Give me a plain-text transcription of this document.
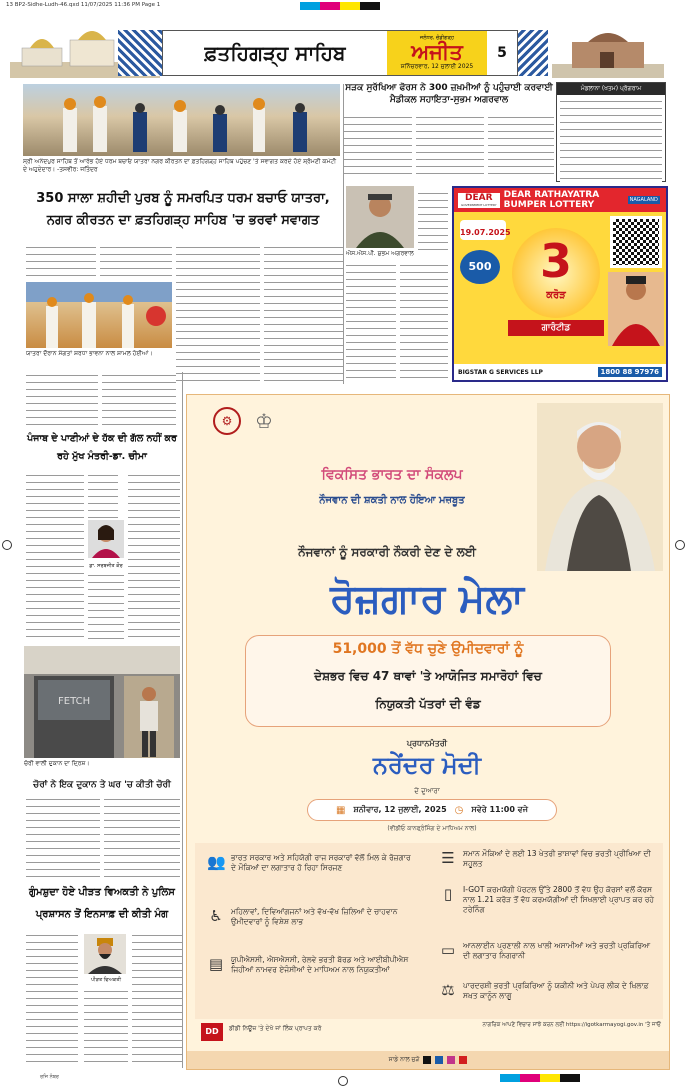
13 BP2-Sidhe-Ludh-46.qxd 11/07/2025 11:36 PM Page 1
ਫ਼ਤਹਿਗੜ੍ਹ ਸਾਹਿਬ
ਜਲੰਧਰ, ਚੰਡੀਗੜ੍ਹ
ਅਜੀਤ
ਸ਼ਨਿੱਚਰਵਾਰ, 12 ਜੁਲਾਈ 2025
5
ਸ੍ਰੀ ਅਨੰਦਪੁਰ ਸਾਹਿਬ ਤੋਂ ਆਰੰਭ ਹੋਏ ਧਰਮ ਬਚਾਓ ਯਾਤਰਾ ਨਗਰ ਕੀਰਤਨ ਦਾ ਫ਼ਤਹਿਗੜ੍ਹ ਸਾਹਿਬ ਪਹੁੰਚਣ 'ਤੇ ਸਵਾਗਤ ਕਰਦੇ ਹੋਏ ਸ਼੍ਰੋਮਣੀ ਕਮੇਟੀ ਦੇ ਅਹੁਦੇਦਾਰ। -ਤਸਵੀਰ: ਜਤਿੰਦਰ
ਸੜਕ ਸੁਰੱਖਿਆ ਫੋਰਸ ਨੇ 300 ਜ਼ਖ਼ਮੀਆਂ ਨੂੰ ਪਹੁੰਚਾਈ ਕਰਵਾਈ ਮੈਡੀਕਲ ਸਹਾਇਤਾ-ਸੁਭਮ ਅਗਰਵਾਲ
ਮੰਡਲਾਨਾ (ਖਤਮ) ਪ੍ਰੋਗਰਾਮ
350 ਸਾਲਾ ਸ਼ਹੀਦੀ ਪੁਰਬ ਨੂੰ ਸਮਰਪਿਤ ਧਰਮ ਬਚਾਓ ਯਾਤਰਾ, ਨਗਰ ਕੀਰਤਨ ਦਾ ਫ਼ਤਹਿਗੜ੍ਹ ਸਾਹਿਬ 'ਚ ਭਰਵਾਂ ਸਵਾਗਤ
ਐਸ.ਐਸ.ਪੀ. ਸ਼ੁਭਮ ਅਗਰਵਾਲ
DEAR
GOVERNMENT LOTTERY
DEAR RATHAYATRA BUMPER LOTTERY	NAGALAND
19.07.2025
500	3
ਕਰੋੜ
ਗਾਰੰਟੀਡ
BIGSTAR G SERVICES LLP	1800 88 97976
ਯਾਤਰਾ ਦੌਰਾਨ ਸੰਗਤਾਂ ਸ਼ਰਧਾ ਭਾਵਨਾ ਨਾਲ ਸ਼ਾਮਲ ਹੋਈਆਂ।
ਪੰਜਾਬ ਦੇ ਪਾਣੀਆਂ ਦੇ ਹੱਕ ਦੀ ਗੱਲ ਨਹੀਂ ਕਰ ਰਹੇ ਮੁੱਖ ਮੰਤਰੀ-ਡਾ. ਚੀਮਾ
ਡਾ. ਸਰਬਜੀਤ ਕੌਰ
FETCH
ਚੋਰੀ ਵਾਲੀ ਦੁਕਾਨ ਦਾ ਦ੍ਰਿਸ਼।
ਚੋਰਾਂ ਨੇ ਇਕ ਦੁਕਾਨ ਤੇ ਘਰ 'ਚ ਕੀਤੀ ਚੋਰੀ
ਗੁੰਮਸ਼ੁਦਾ ਹੋਏ ਪੀੜਤ ਵਿਅਕਤੀ ਨੇ ਪੁਲਿਸ ਪ੍ਰਸ਼ਾਸਨ ਤੋਂ ਇਨਸਾਫ਼ ਦੀ ਕੀਤੀ ਮੰਗ
ਪੀੜਤ ਵਿਅਕਤੀ
⚙	♔
ਵਿਕਸਿਤ ਭਾਰਤ ਦਾ ਸੰਕਲਪ
ਨੌਜਵਾਨ ਦੀ ਸ਼ਕਤੀ ਨਾਲ ਹੋਇਆ ਮਜ਼ਬੂਤ
ਨੌਜਵਾਨਾਂ ਨੂੰ ਸਰਕਾਰੀ ਨੌਕਰੀ ਦੇਣ ਦੇ ਲਈ
ਰੋਜ਼ਗਾਰ ਮੇਲਾ
51,000 ਤੋਂ ਵੱਧ ਚੁਣੇ ਉਮੀਦਵਾਰਾਂ ਨੂੰ
ਦੇਸ਼ਭਰ ਵਿਚ 47 ਥਾਵਾਂ 'ਤੇ ਆਯੋਜਿਤ ਸਮਾਰੋਹਾਂ ਵਿਚ
ਨਿਯੁਕਤੀ ਪੱਤਰਾਂ ਦੀ ਵੰਡ
ਪ੍ਰਧਾਨਮੰਤਰੀ
ਨਰੇਂਦਰ ਮੋਦੀ
ਦੇ ਦੁਆਰਾ
▦ ਸ਼ਨੀਵਾਰ, 12 ਜੁਲਾਈ, 2025 ◷ ਸਵੇਰੇ 11:00 ਵਜੇ
(ਵੀਡੀਓ ਕਾਨਫ੍ਰੰਸਿੰਗ ਦੇ ਮਾਧਿਅਮ ਨਾਲ)
👥 ਭਾਰਤ ਸਰਕਾਰ ਅਤੇ ਸਹਿਯੋਗੀ ਰਾਜ ਸਰਕਾਰਾਂ ਵੱਲੋਂ ਮਿਲ ਕੇ ਰੋਜ਼ਗਾਰ ਦੇ ਮੌਕਿਆਂ ਦਾ ਲਗਾਤਾਰ ਹੋ ਰਿਹਾ ਸਿਰਜਣ
♿	ਮਹਿਲਾਵਾਂ, ਦਿਵਿਆਂਗਜਨਾਂ ਅਤੇ ਵੱਖ-ਵੱਖ ਜ਼ਿਲਿਆਂ ਦੇ ਚਾਹਵਾਨ ਉਮੀਦਵਾਰਾਂ ਨੂੰ ਵਿਸ਼ੇਸ਼ ਲਾਭ
▤ ਯੂਪੀਐਸਸੀ, ਐਸਐਸਸੀ, ਰੇਲਵੇ ਭਰਤੀ ਬੋਰਡ ਅਤੇ ਆਈਬੀਪੀਐਸ ਜਿਹੀਆਂ ਨਾਮਵਰ ਏਜੰਸੀਆਂ ਦੇ ਮਾਧਿਅਮ ਨਾਲ ਨਿਯੁਕਤੀਆਂ
☰	ਸਮਾਨ ਮੌਕਿਆਂ ਦੇ ਲਈ 13 ਖੇਤਰੀ ਭਾਸ਼ਾਵਾਂ ਵਿਚ ਭਰਤੀ ਪ੍ਰੀਖਿਆ ਦੀ ਸਹੂਲਤ
▯	I-GOT ਕਰਮਯੋਗੀ ਪੋਰਟਲ ਉੱਤੇ 2800 ਤੋਂ ਵੱਧ ਉਹ ਕੋਰਸਾਂ ਵਲੋਂ ਕੋਰਸ ਨਾਲ 1.21 ਕਰੋੜ ਤੋਂ ਵੱਧ ਕਰਮਯੋਗੀਆਂ ਦੀ ਸਿਖਲਾਈ ਪ੍ਰਾਪਤ ਕਰ ਰਹੇ ਟਰੇਨਿੰਗ
▭ ਆਨਲਾਈਨ ਪ੍ਰਣਾਲੀ ਨਾਲ ਖਾਲੀ ਅਸਾਮੀਆਂ ਅਤੇ ਭਰਤੀ ਪ੍ਰਕਿਰਿਆ ਦੀ ਲਗਾਤਾਰ ਨਿਗਰਾਨੀ
⚖	ਪਾਰਦਰਸ਼ੀ ਭਰਤੀ ਪ੍ਰਕਿਰਿਆ ਨੂੰ ਯਕੀਨੀ ਅਤੇ ਪੇਪਰ ਲੀਕ ਦੇ ਖ਼ਿਲਾਫ਼ ਸਖ਼ਤ ਕਾਨੂੰਨ ਲਾਗੂ
DD	ਡੀਡੀ ਨਿਊਜ਼ 'ਤੇ ਦੇਖੋ ਜਾਂ ਲਿੰਕ ਪ੍ਰਾਪਤ ਕਰੋ	ਨਾਗਰਿਕ ਆਪਣੇ ਵਿਚਾਰ ਸਾਂਝੇ ਕਰਨ ਲਈ https://igotkarmayogi.gov.in 'ਤੇ ਜਾਓ
ਸਾਡੇ ਨਾਲ ਜੁੜੋ
ਰਜਿ ਨੰਬਰ
